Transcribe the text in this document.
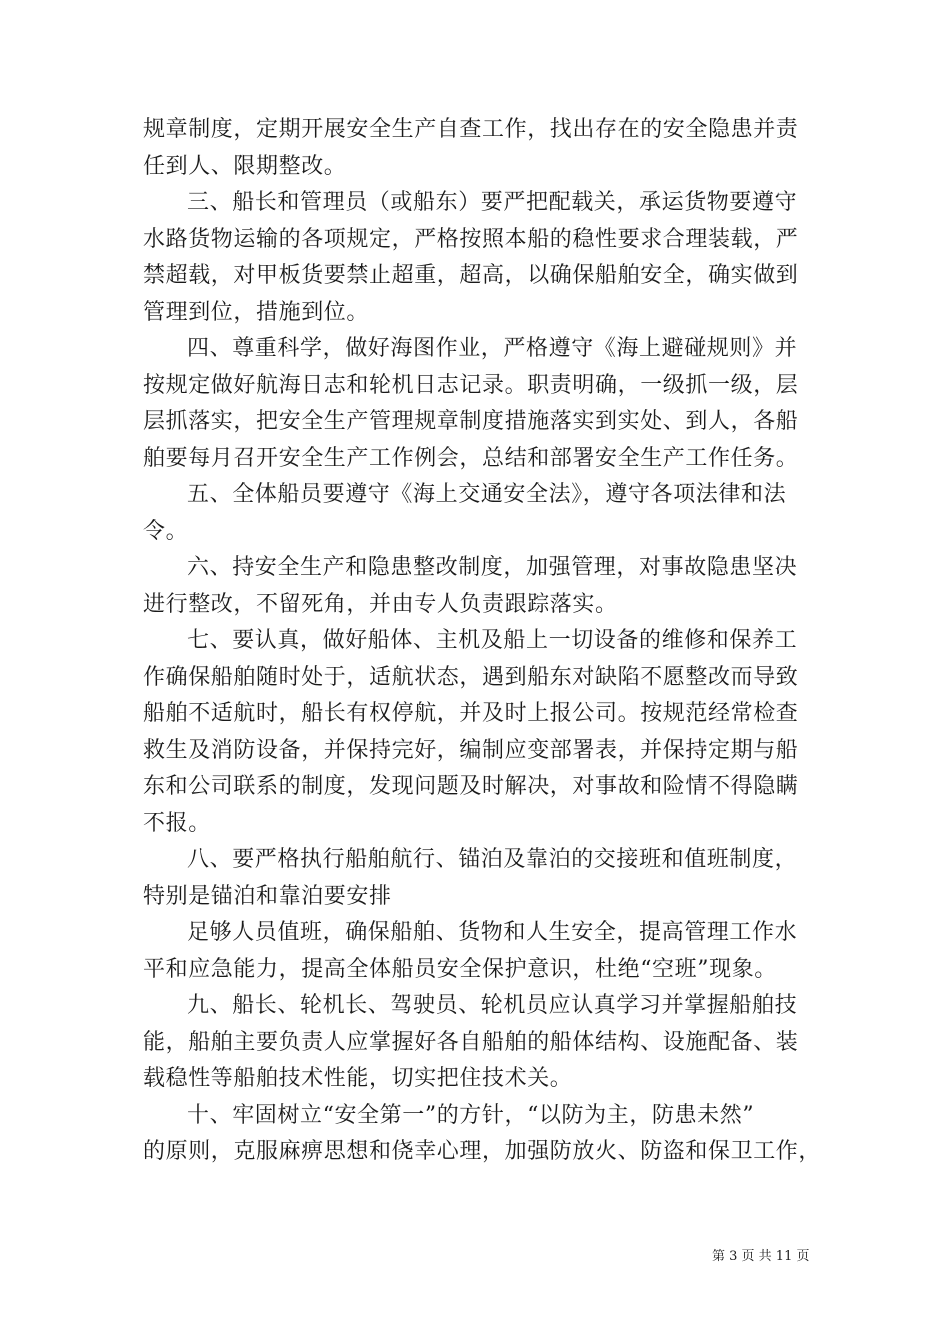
规章制度，定期开展安全生产自查工作，找出存在的安全隐患并责
任到人、限期整改。
三、船长和管理员（或船东）要严把配载关，承运货物要遵守
水路货物运输的各项规定，严格按照本船的稳性要求合理装载，严
禁超载，对甲板货要禁止超重，超高，以确保船舶安全，确实做到
管理到位，措施到位。
四、尊重科学，做好海图作业，严格遵守《海上避碰规则》并
按规定做好航海日志和轮机日志记录。职责明确，一级抓一级，层
层抓落实，把安全生产管理规章制度措施落实到实处、到人，各船
舶要每月召开安全生产工作例会，总结和部署安全生产工作任务。
五、全体船员要遵守《海上交通安全法》，遵守各项法律和法
令。
六、持安全生产和隐患整改制度，加强管理，对事故隐患坚决
进行整改，不留死角，并由专人负责跟踪落实。
七、要认真，做好船体、主机及船上一切设备的维修和保养工
作确保船舶随时处于，适航状态，遇到船东对缺陷不愿整改而导致
船舶不适航时，船长有权停航，并及时上报公司。按规范经常检查
救生及消防设备，并保持完好，编制应变部署表，并保持定期与船
东和公司联系的制度，发现问题及时解决，对事故和险情不得隐瞒
不报。
八、要严格执行船舶航行、锚泊及靠泊的交接班和值班制度，
特别是锚泊和靠泊要安排
足够人员值班，确保船舶、货物和人生安全，提高管理工作水
平和应急能力，提高全体船员安全保护意识，杜绝“空班”现象。
九、船长、轮机长、驾驶员、轮机员应认真学习并掌握船舶技
能，船舶主要负责人应掌握好各自船舶的船体结构、设施配备、装
载稳性等船舶技术性能，切实把住技术关。
十、牢固树立“安全第一”的方针，“以防为主，防患未然”
的原则，克服麻痹思想和侥幸心理，加强防放火、防盗和保卫工作，
第 3 页 共 11 页
